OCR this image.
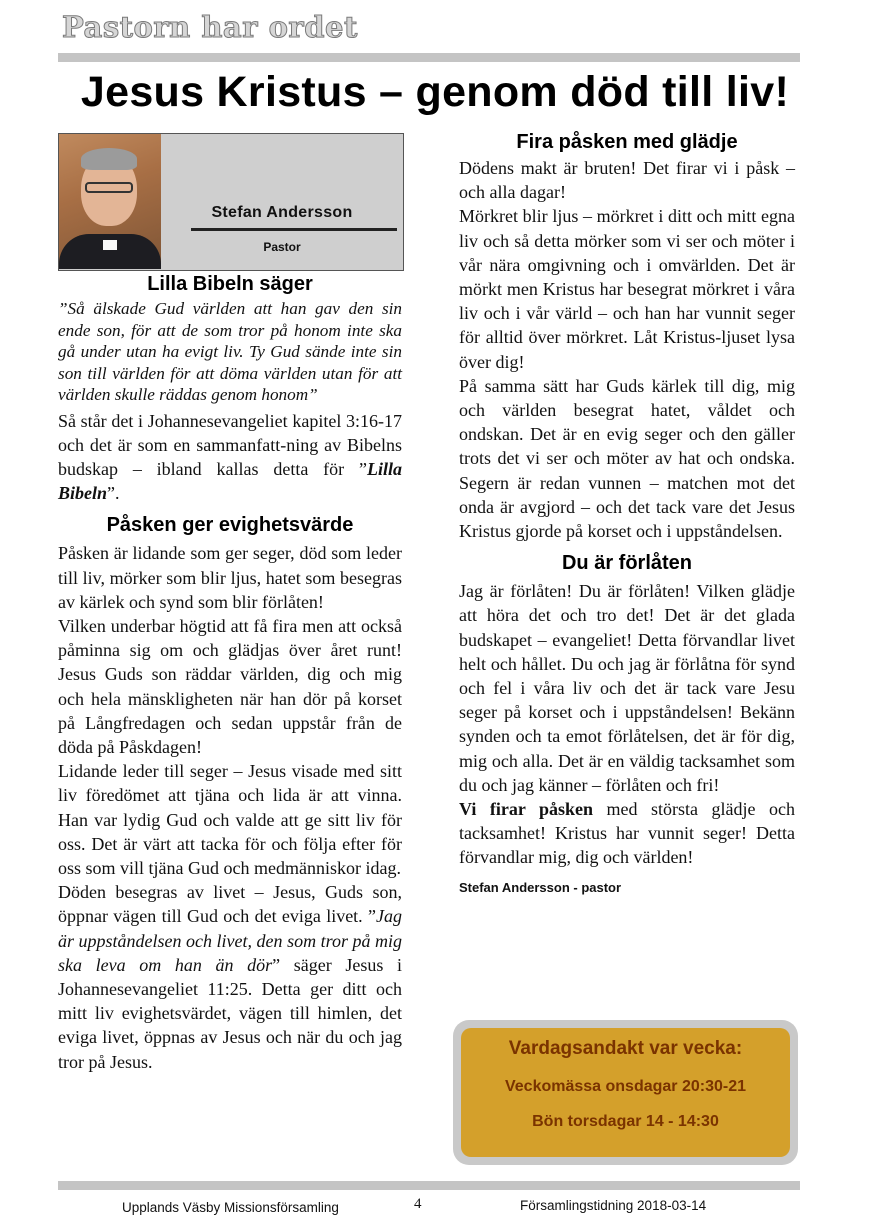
Pastorn har ordet
Jesus Kristus – genom död till liv!
Stefan Andersson
Pastor
Lilla Bibeln säger

”Så älskade Gud världen att han gav den sin ende son, för att de som tror på honom inte ska gå under utan ha evigt liv. Ty Gud sände inte sin son till världen för att döma världen utan för att världen skulle räddas genom honom”

Så står det i Johannesevangeliet kapitel 3:16-17 och det är som en sammanfatt-ning av Bibelns budskap – ibland kallas detta för ”Lilla Bibeln”.

Påsken ger evighetsvärde

Påsken är lidande som ger seger, död som leder till liv, mörker som blir ljus, hatet som besegras av kärlek och synd som blir förlåten!

Vilken underbar högtid att få fira men att också påminna sig om och glädjas över året runt! Jesus Guds son räddar världen, dig och mig och hela mänskligheten när han dör på korset på Långfredagen och sedan uppstår från de döda på Påskdagen!

Lidande leder till seger – Jesus visade med sitt liv föredömet att tjäna och lida är att vinna. Han var lydig Gud och valde att ge sitt liv för oss. Det är värt att tacka för och följa efter för oss som vill tjäna Gud och medmänniskor idag.

Döden besegras av livet – Jesus, Guds son, öppnar vägen till Gud och det eviga livet. ”Jag är uppståndelsen och livet, den som tror på mig ska leva om han än dör” säger Jesus i Johannesevangeliet 11:25. Detta ger ditt och mitt liv evighetsvärdet, vägen till himlen, det eviga livet, öppnas av Jesus och när du och jag tror på Jesus.

Fira påsken med glädje

Dödens makt är bruten! Det firar vi i påsk – och alla dagar!

Mörkret blir ljus – mörkret i ditt och mitt egna liv och så detta mörker som vi ser och möter i vår nära omgivning och i omvärlden. Det är mörkt men Kristus har besegrat mörkret i våra liv och i vår värld – och han har vunnit seger för alltid över mörkret. Låt Kristus-ljuset lysa över dig!

På samma sätt har Guds kärlek till dig, mig och världen besegrat hatet, våldet och ondskan. Det är en evig seger och den gäller trots det vi ser och möter av hat och ondska. Segern är redan vunnen – matchen mot det onda är avgjord – och det tack vare det Jesus Kristus gjorde på korset och i uppståndelsen.

Du är förlåten

Jag är förlåten! Du är förlåten! Vilken glädje att höra det och tro det! Det är det glada budskapet – evangeliet! Detta förvandlar livet helt och hållet. Du och jag är förlåtna för synd och fel i våra liv och det är tack vare Jesu seger på korset och i uppståndelsen! Bekänn synden och ta emot förlåtelsen, det är för dig, mig och alla. Det är en väldig tacksamhet som du och jag känner – förlåten och fri!

Vi firar påsken med största glädje och tacksamhet! Kristus har vunnit seger! Detta förvandlar mig, dig och världen!

Stefan Andersson - pastor
Vardagsandakt var vecka:
Veckomässa onsdagar 20:30-21
Bön torsdagar 14 - 14:30
Upplands Väsby Missionsförsamling	4	Församlingstidning 2018-03-14
